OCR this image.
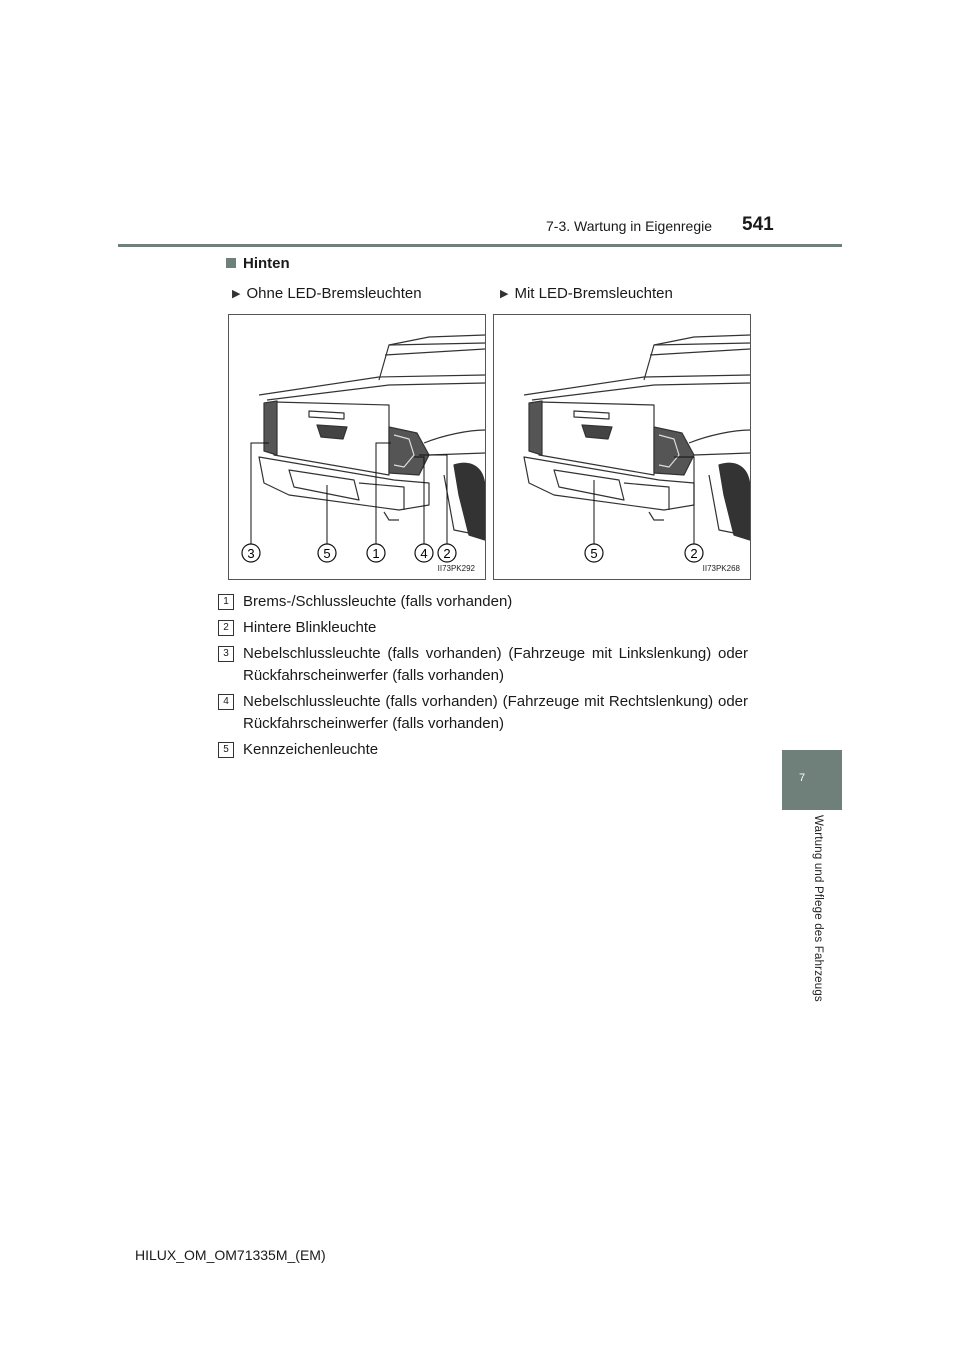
7-3. Wartung in Eigenregie 541
7
Wartung und Pflege des Fahrzeugs
Hinten
▶ Ohne LED-Bremsleuchten	▶ Mit LED-Bremsleuchten
3	5	1	4 2
II73PK292
5	2
II73PK268
1 Brems-/Schlussleuchte (falls vorhanden)
2 Hintere Blinkleuchte
3 Nebelschlussleuchte (falls vorhanden) (Fahrzeuge mit Linkslenkung) oder Rückfahrscheinwerfer (falls vorhanden)
4 Nebelschlussleuchte (falls vorhanden) (Fahrzeuge mit Rechtslenkung) oder Rückfahrscheinwerfer (falls vorhanden)
5 Kennzeichenleuchte
HILUX_OM_OM71335M_(EM)
